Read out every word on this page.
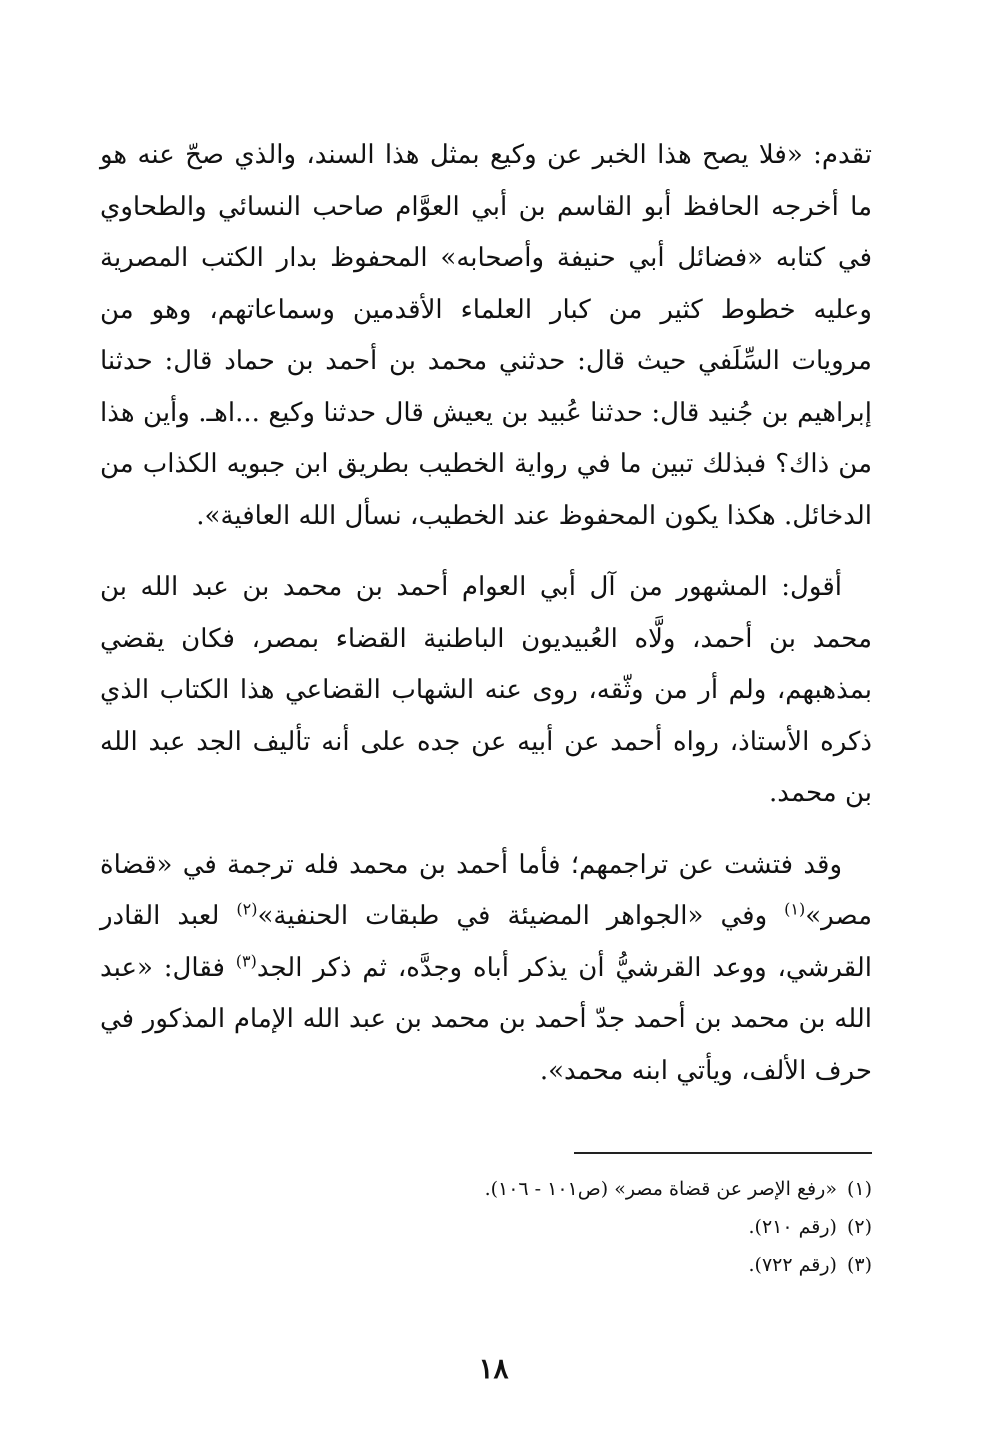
تقدم: «فلا يصح هذا الخبر عن وكيع بمثل هذا السند، والذي صحّ عنه هو ما أخرجه الحافظ أبو القاسم بن أبي العوَّام صاحب النسائي والطحاوي في كتابه «فضائل أبي حنيفة وأصحابه» المحفوظ بدار الكتب المصرية وعليه خطوط كثير من كبار العلماء الأقدمين وسماعاتهم، وهو من مرويات السِّلَفي حيث قال: حدثني محمد بن أحمد بن حماد قال: حدثنا إبراهيم بن جُنيد قال: حدثنا عُبيد بن يعيش قال حدثنا وكيع ...اهـ. وأين هذا من ذاك؟ فبذلك تبين ما في رواية الخطيب بطريق ابن جبويه الكذاب من الدخائل. هكذا يكون المحفوظ عند الخطيب، نسأل الله العافية».

أقول: المشهور من آل أبي العوام أحمد بن محمد بن عبد الله بن محمد بن أحمد، ولَّاه العُبيديون الباطنية القضاء بمصر، فكان يقضي بمذهبهم، ولم أر من وثّقه، روى عنه الشهاب القضاعي هذا الكتاب الذي ذكره الأستاذ، رواه أحمد عن أبيه عن جده على أنه تأليف الجد عبد الله بن محمد.

وقد فتشت عن تراجمهم؛ فأما أحمد بن محمد فله ترجمة في «قضاة مصر»$^{(١)}$ وفي «الجواهر المضيئة في طبقات الحنفية»$^{(٢)}$ لعبد القادر القرشي، ووعد القرشيُّ أن يذكر أباه وجدَّه، ثم ذكر الجد$^{(٣)}$ فقال: «عبد الله بن محمد بن أحمد جدّ أحمد بن محمد بن عبد الله الإمام المذكور في حرف الألف، ويأتي ابنه محمد».

(١)«رفع الإصر عن قضاة مصر» (ص١٠١ - ١٠٦).

(٢)(رقم ٢١٠).

(٣)(رقم ٧٢٢).

١٨
